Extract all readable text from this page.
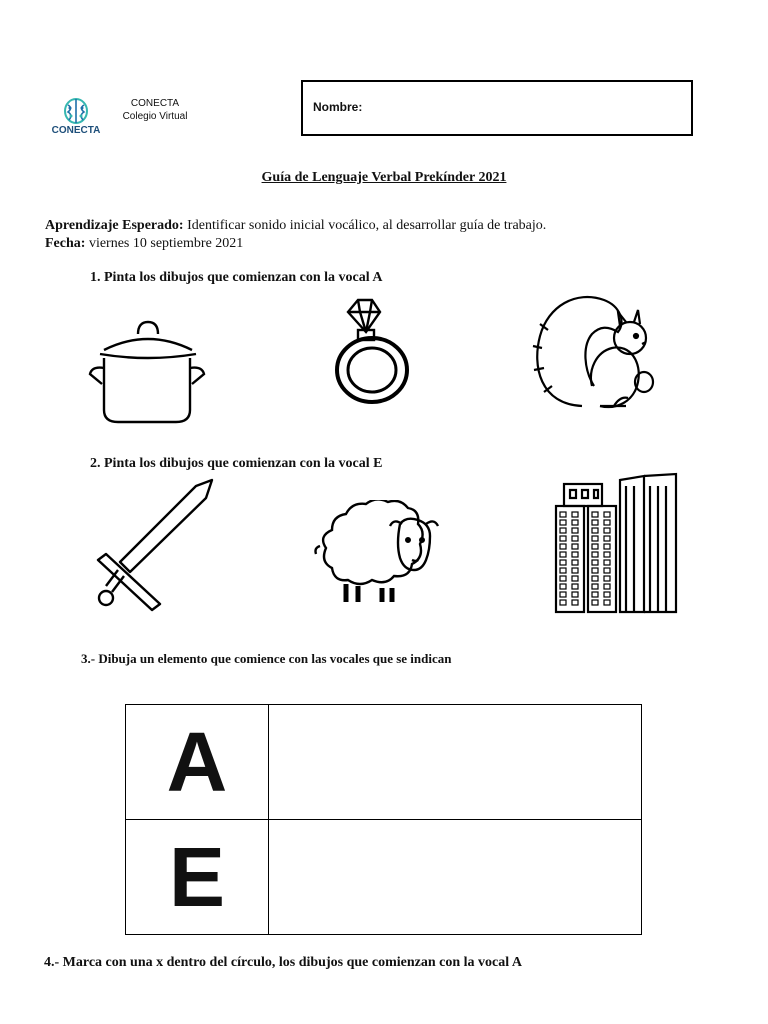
CONECTA
CONECTA
Colegio Virtual
Nombre:
Guía de Lenguaje Verbal Prekínder 2021
Aprendizaje Esperado: Identificar sonido inicial vocálico, al desarrollar guía de trabajo.
Fecha: viernes 10 septiembre 2021
1. Pinta los dibujos que comienzan con la vocal A
2. Pinta los dibujos que comienzan con la vocal E
3.- Dibuja un elemento que comience con las vocales que se indican
A	
E	
4.- Marca con una x dentro del círculo, los dibujos que comienzan con la vocal A
